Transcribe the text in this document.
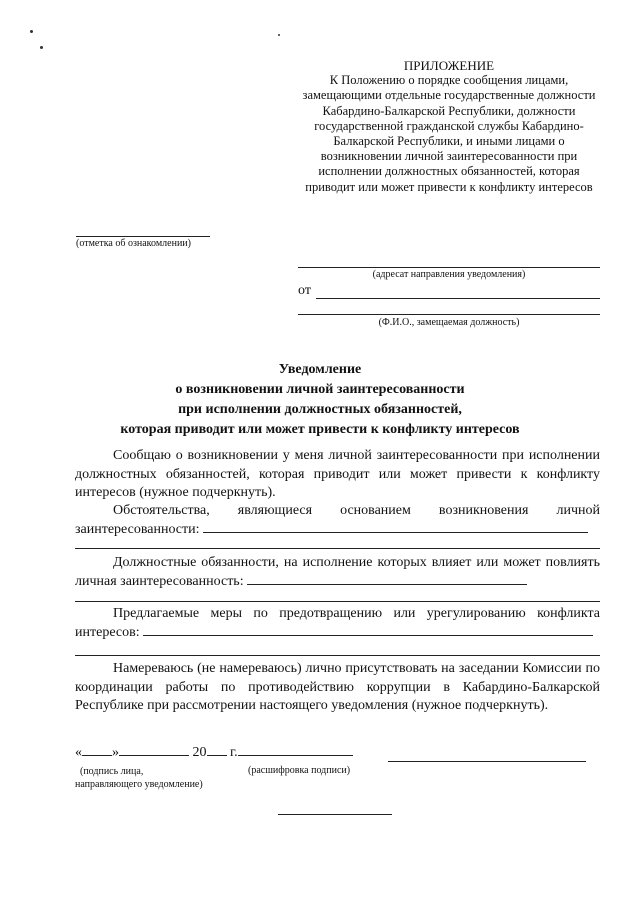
ПРИЛОЖЕНИЕ
К Положению о порядке сообщения лицами,
замещающими отдельные государственные должности
Кабардино-Балкарской Республики, должности
государственной гражданской службы Кабардино-
Балкарской Республики, и иными лицами о
возникновении личной заинтересованности при
исполнении должностных обязанностей, которая
приводит или может привести к конфликту интересов
(отметка об ознакомлении)
(адресат направления уведомления)
от
(Ф.И.О., замещаемая должность)
Уведомление
о возникновении личной заинтересованности
при исполнении должностных обязанностей,
которая приводит или может привести к конфликту интересов
Сообщаю о возникновении у меня личной заинтересованности при исполнении должностных обязанностей, которая приводит или может привести к конфликту интересов (нужное подчеркнуть).
Обстоятельства, являющиеся основанием возникновения личной заинтересованности:
Должностные обязанности, на исполнение которых влияет или может повлиять личная заинтересованность:
Предлагаемые меры по предотвращению или урегулированию конфликта интересов:
Намереваюсь (не намереваюсь) лично присутствовать на заседании Комиссии по координации работы по противодействию коррупции в Кабардино-Балкарской Республике при рассмотрении настоящего уведомления (нужное подчеркнуть).
« »	20 г.
(подпись лица,
направляющего уведомление)
(расшифровка подписи)
